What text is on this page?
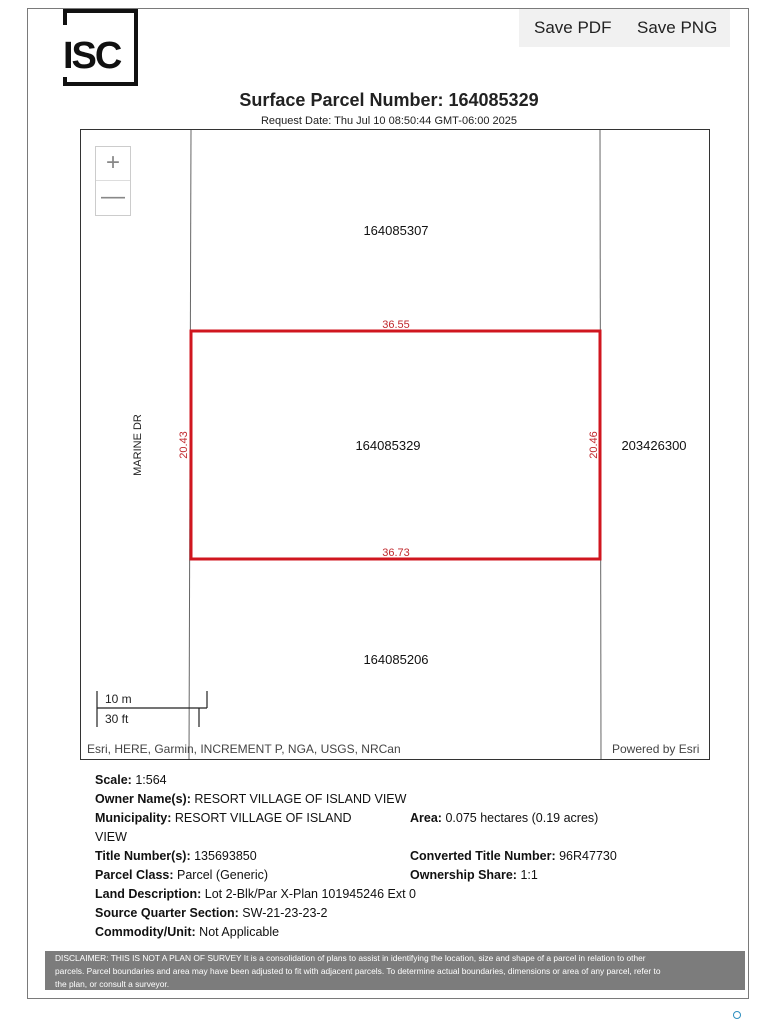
ISC
Save PDF Save PNG
Surface Parcel Number: 164085329
Request Date: Thu Jul 10 08:50:44 GMT-06:00 2025
36.55
36.73
20.43	20.46
MARINE DR
164085307
164085329	203426300
164085206
10 m
30 ft
+
—
Esri, HERE, Garmin, INCREMENT P, NGA, USGS, NRCan	Powered by Esri
Scale: 1:564
Owner Name(s): RESORT VILLAGE OF ISLAND VIEW
Municipality: RESORT VILLAGE OF ISLAND
VIEW
Area: 0.075 hectares (0.19 acres)
Title Number(s): 135693850	Converted Title Number: 96R47730
Parcel Class: Parcel (Generic)	Ownership Share: 1:1
Land Description: Lot 2-Blk/Par X-Plan 101945246 Ext 0
Source Quarter Section: SW-21-23-23-2
Commodity/Unit: Not Applicable
DISCLAIMER: THIS IS NOT A PLAN OF SURVEY It is a consolidation of plans to assist in identifying the location, size and shape of a parcel in relation to other
parcels. Parcel boundaries and area may have been adjusted to fit with adjacent parcels. To determine actual boundaries, dimensions or area of any parcel, refer to
the plan, or consult a surveyor.
